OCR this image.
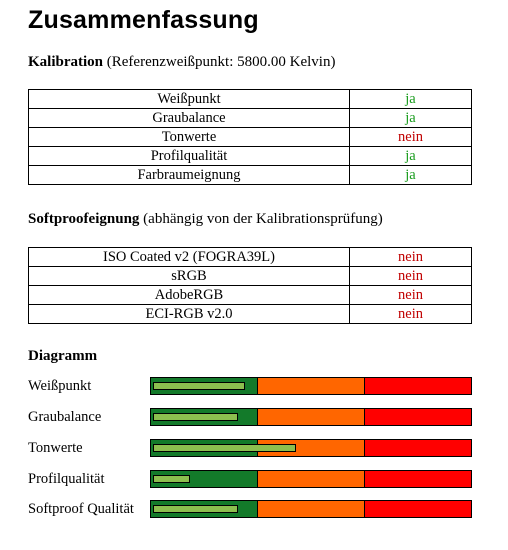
Zusammenfassung
Kalibration (Referenzweißpunkt: 5800.00 Kelvin)
Weißpunkt	ja
Graubalance	ja
Tonwerte	nein
Profilqualität	ja
Farbraumeignung	ja
Softproofeignung (abhängig von der Kalibrationsprüfung)
ISO Coated v2 (FOGRA39L)	nein
sRGB	nein
AdobeRGB	nein
ECI-RGB v2.0	nein
Diagramm
Weißpunkt
Graubalance
Tonwerte
Profilqualität
Softproof Qualität
